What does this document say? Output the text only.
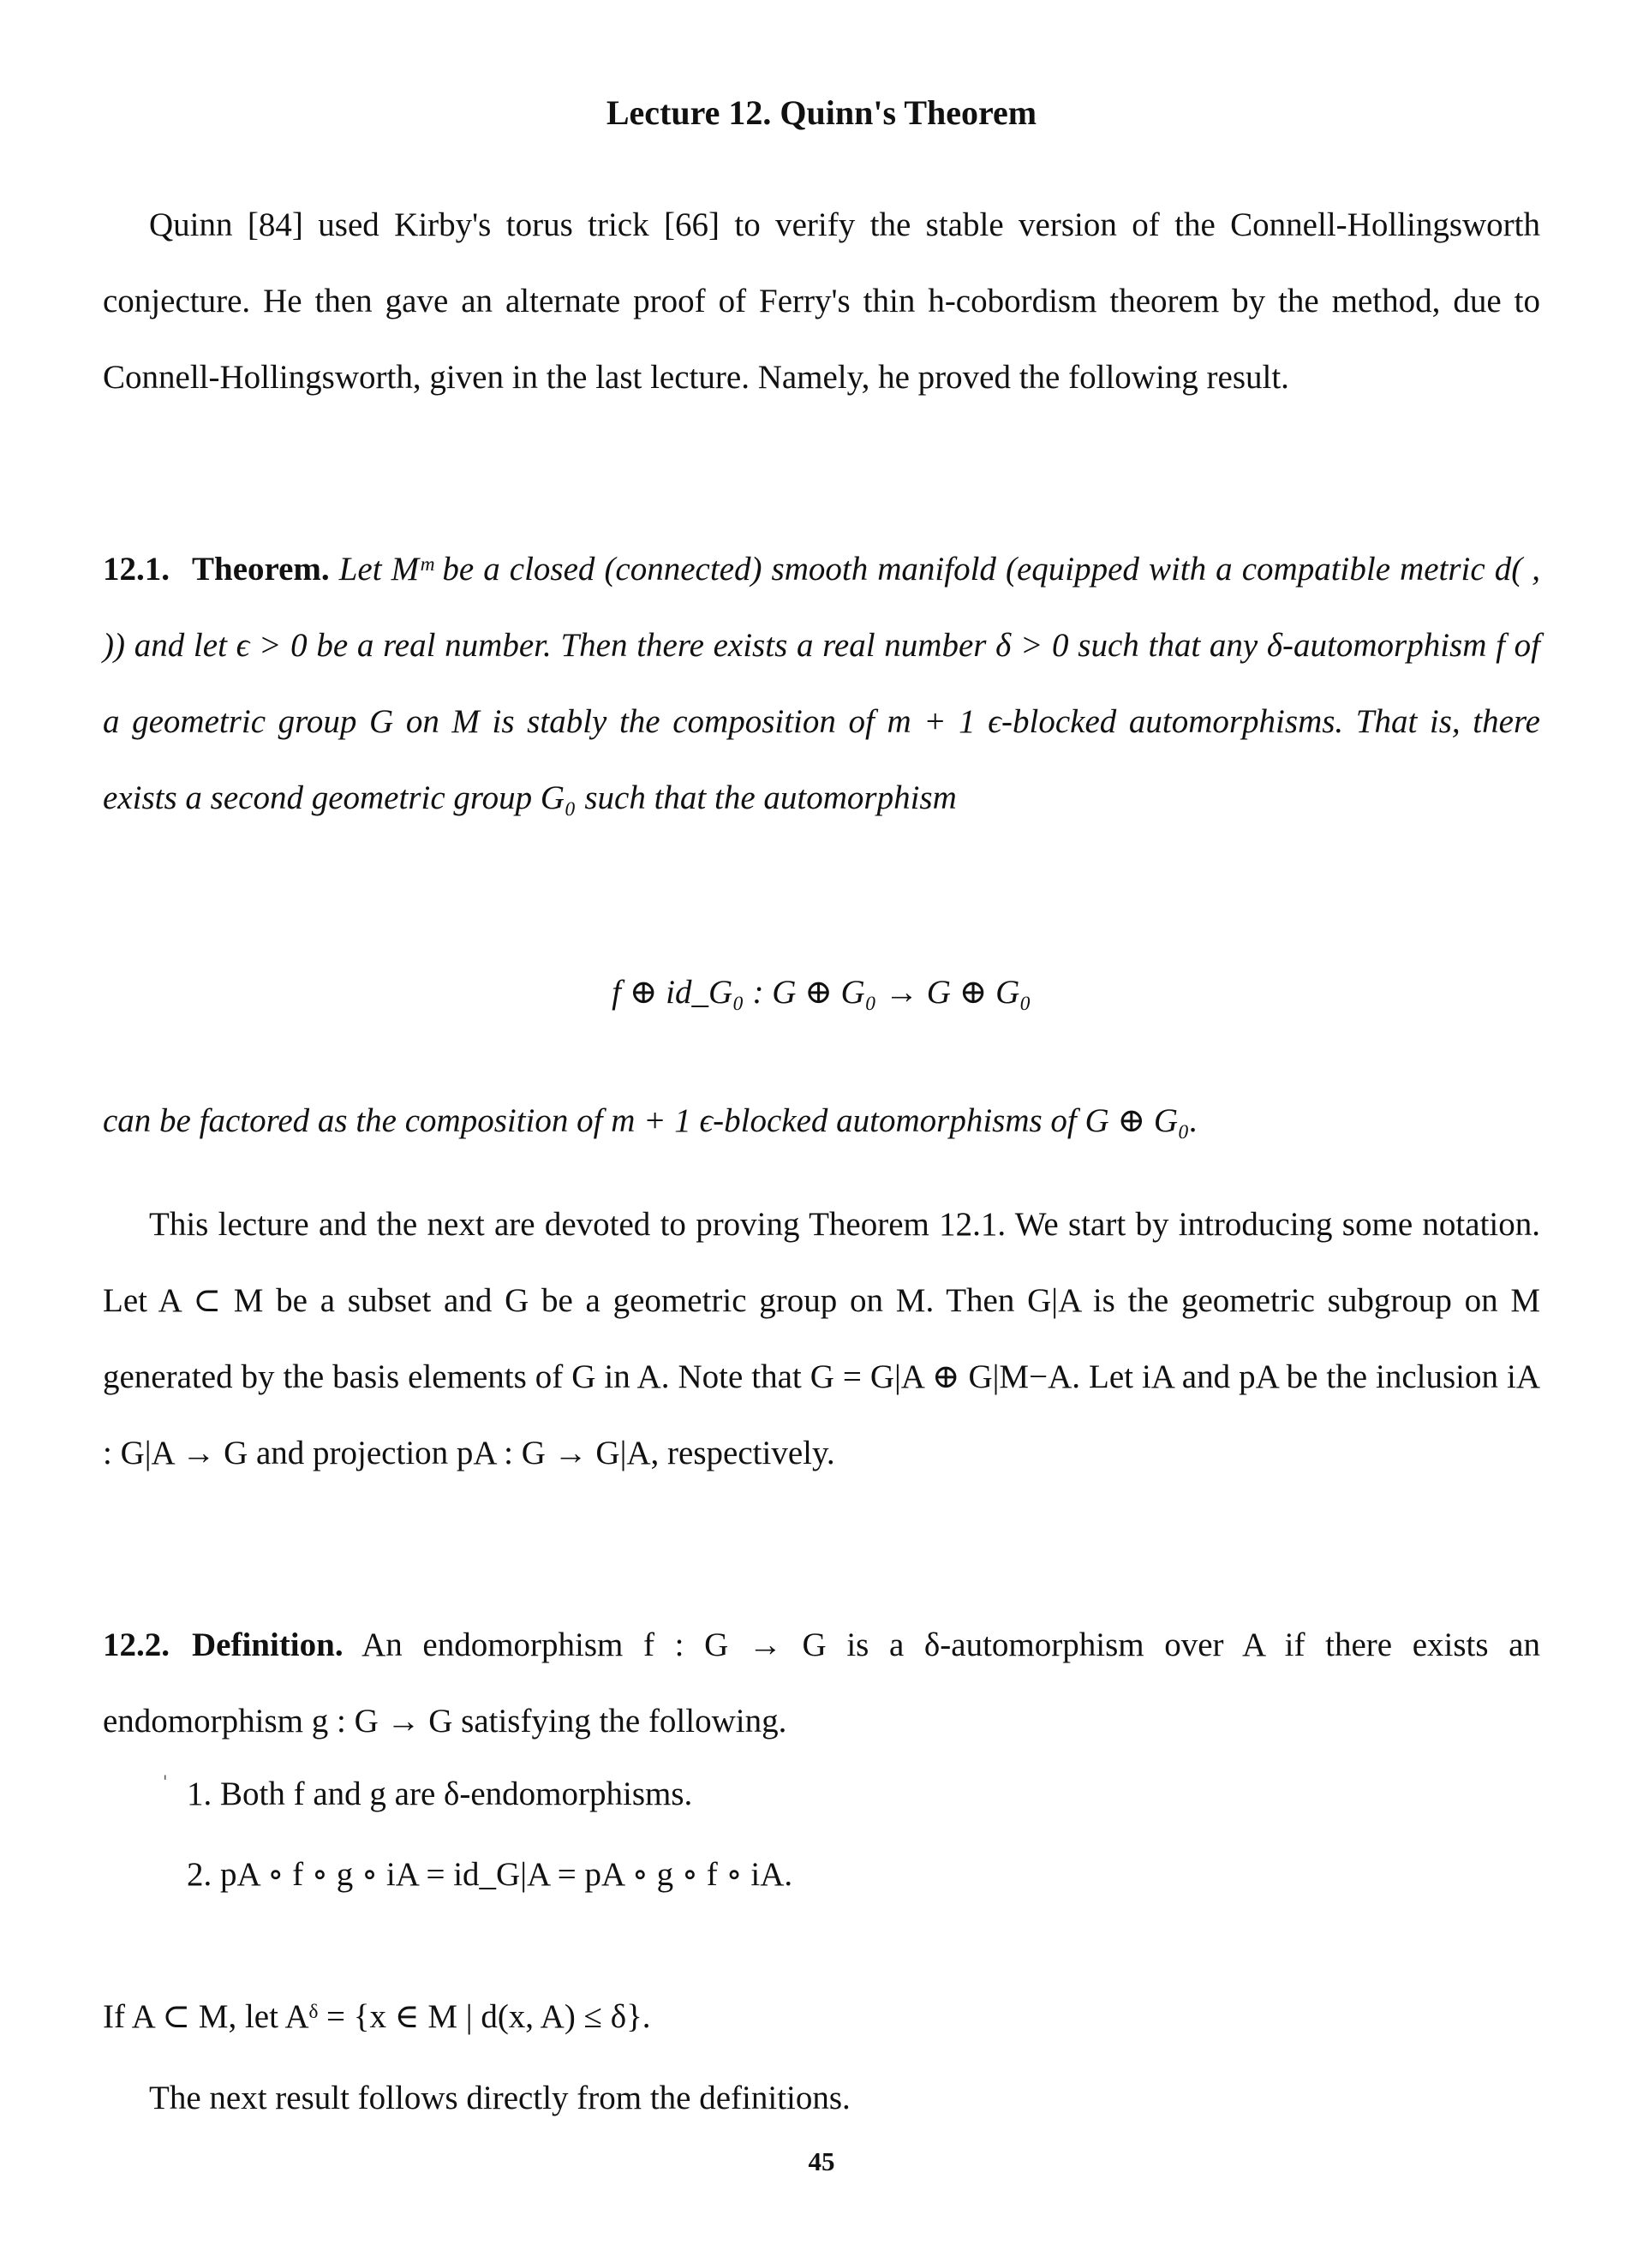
Lecture 12. Quinn's Theorem

Quinn [84] used Kirby's torus trick [66] to verify the stable version of the Connell-Hollingsworth conjecture. He then gave an alternate proof of Ferry's thin h-cobordism theorem by the method, due to Connell-Hollingsworth, given in the last lecture. Namely, he proved the following result.

12.1. Theorem. Let Mᵐ be a closed (connected) smooth manifold (equipped with a compatible metric d( , )) and let ϵ > 0 be a real number. Then there exists a real number δ > 0 such that any δ-automorphism f of a geometric group G on M is stably the composition of m + 1 ϵ-blocked automorphisms. That is, there exists a second geometric group G₀ such that the automorphism
f ⊕ id_G₀ : G ⊕ G₀ → G ⊕ G₀
can be factored as the composition of m + 1 ϵ-blocked automorphisms of G ⊕ G₀.

This lecture and the next are devoted to proving Theorem 12.1. We start by introducing some notation. Let A ⊂ M be a subset and G be a geometric group on M. Then G|A is the geometric subgroup on M generated by the basis elements of G in A. Note that G = G|A ⊕ G|M−A. Let iA and pA be the inclusion iA : G|A → G and projection pA : G → G|A, respectively.

12.2. Definition. An endomorphism f : G → G is a δ-automorphism over A if there exists an endomorphism g : G → G satisfying the following.
' 1. Both f and g are δ-endomorphisms.
2. pA ∘ f ∘ g ∘ iA = id_G|A = pA ∘ g ∘ f ∘ iA.
If A ⊂ M, let Aᵟ = {x ∈ M | d(x, A) ≤ δ}.
The next result follows directly from the definitions.
45
